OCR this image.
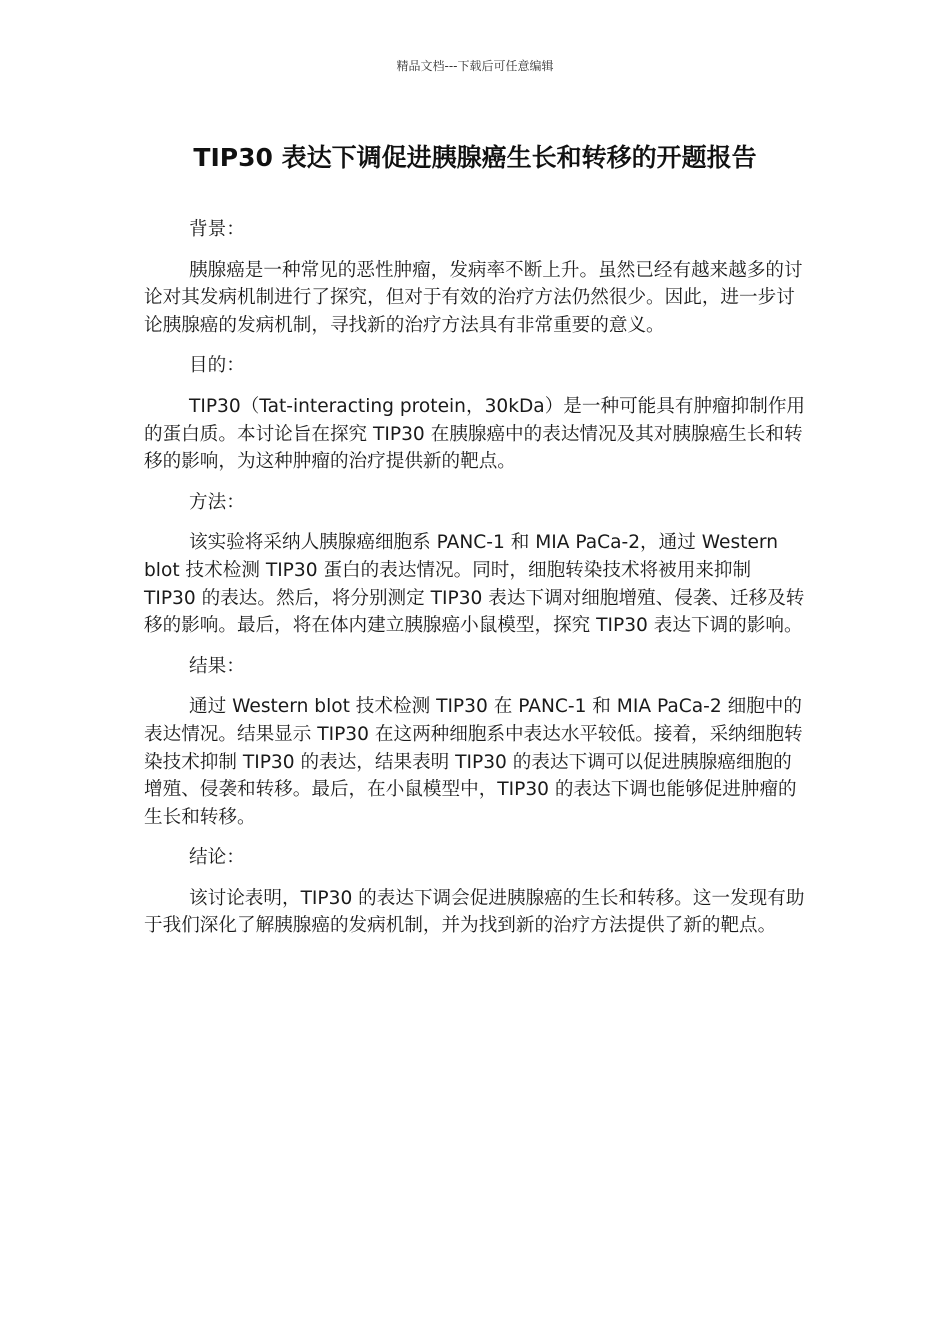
精品文档---下载后可任意编辑
TIP30 表达下调促进胰腺癌生长和转移的开题报告

背景：

胰腺癌是一种常见的恶性肿瘤，发病率不断上升。虽然已经有越来越多的讨论对其发病机制进行了探究，但对于有效的治疗方法仍然很少。因此，进一步讨论胰腺癌的发病机制，寻找新的治疗方法具有非常重要的意义。

目的：

TIP30（Tat-interacting protein，30kDa）是一种可能具有肿瘤抑制作用的蛋白质。本讨论旨在探究 TIP30 在胰腺癌中的表达情况及其对胰腺癌生长和转移的影响，为这种肿瘤的治疗提供新的靶点。

方法：

该实验将采纳人胰腺癌细胞系 PANC-1 和 MIA PaCa-2，通过 Western blot 技术检测 TIP30 蛋白的表达情况。同时，细胞转染技术将被用来抑制 TIP30 的表达。然后，将分别测定 TIP30 表达下调对细胞增殖、侵袭、迁移及转移的影响。最后，将在体内建立胰腺癌小鼠模型，探究 TIP30 表达下调的影响。

结果：

通过 Western blot 技术检测 TIP30 在 PANC-1 和 MIA PaCa-2 细胞中的表达情况。结果显示 TIP30 在这两种细胞系中表达水平较低。接着，采纳细胞转染技术抑制 TIP30 的表达，结果表明 TIP30 的表达下调可以促进胰腺癌细胞的增殖、侵袭和转移。最后，在小鼠模型中，TIP30 的表达下调也能够促进肿瘤的生长和转移。

结论：

该讨论表明，TIP30 的表达下调会促进胰腺癌的生长和转移。这一发现有助于我们深化了解胰腺癌的发病机制，并为找到新的治疗方法提供了新的靶点。
